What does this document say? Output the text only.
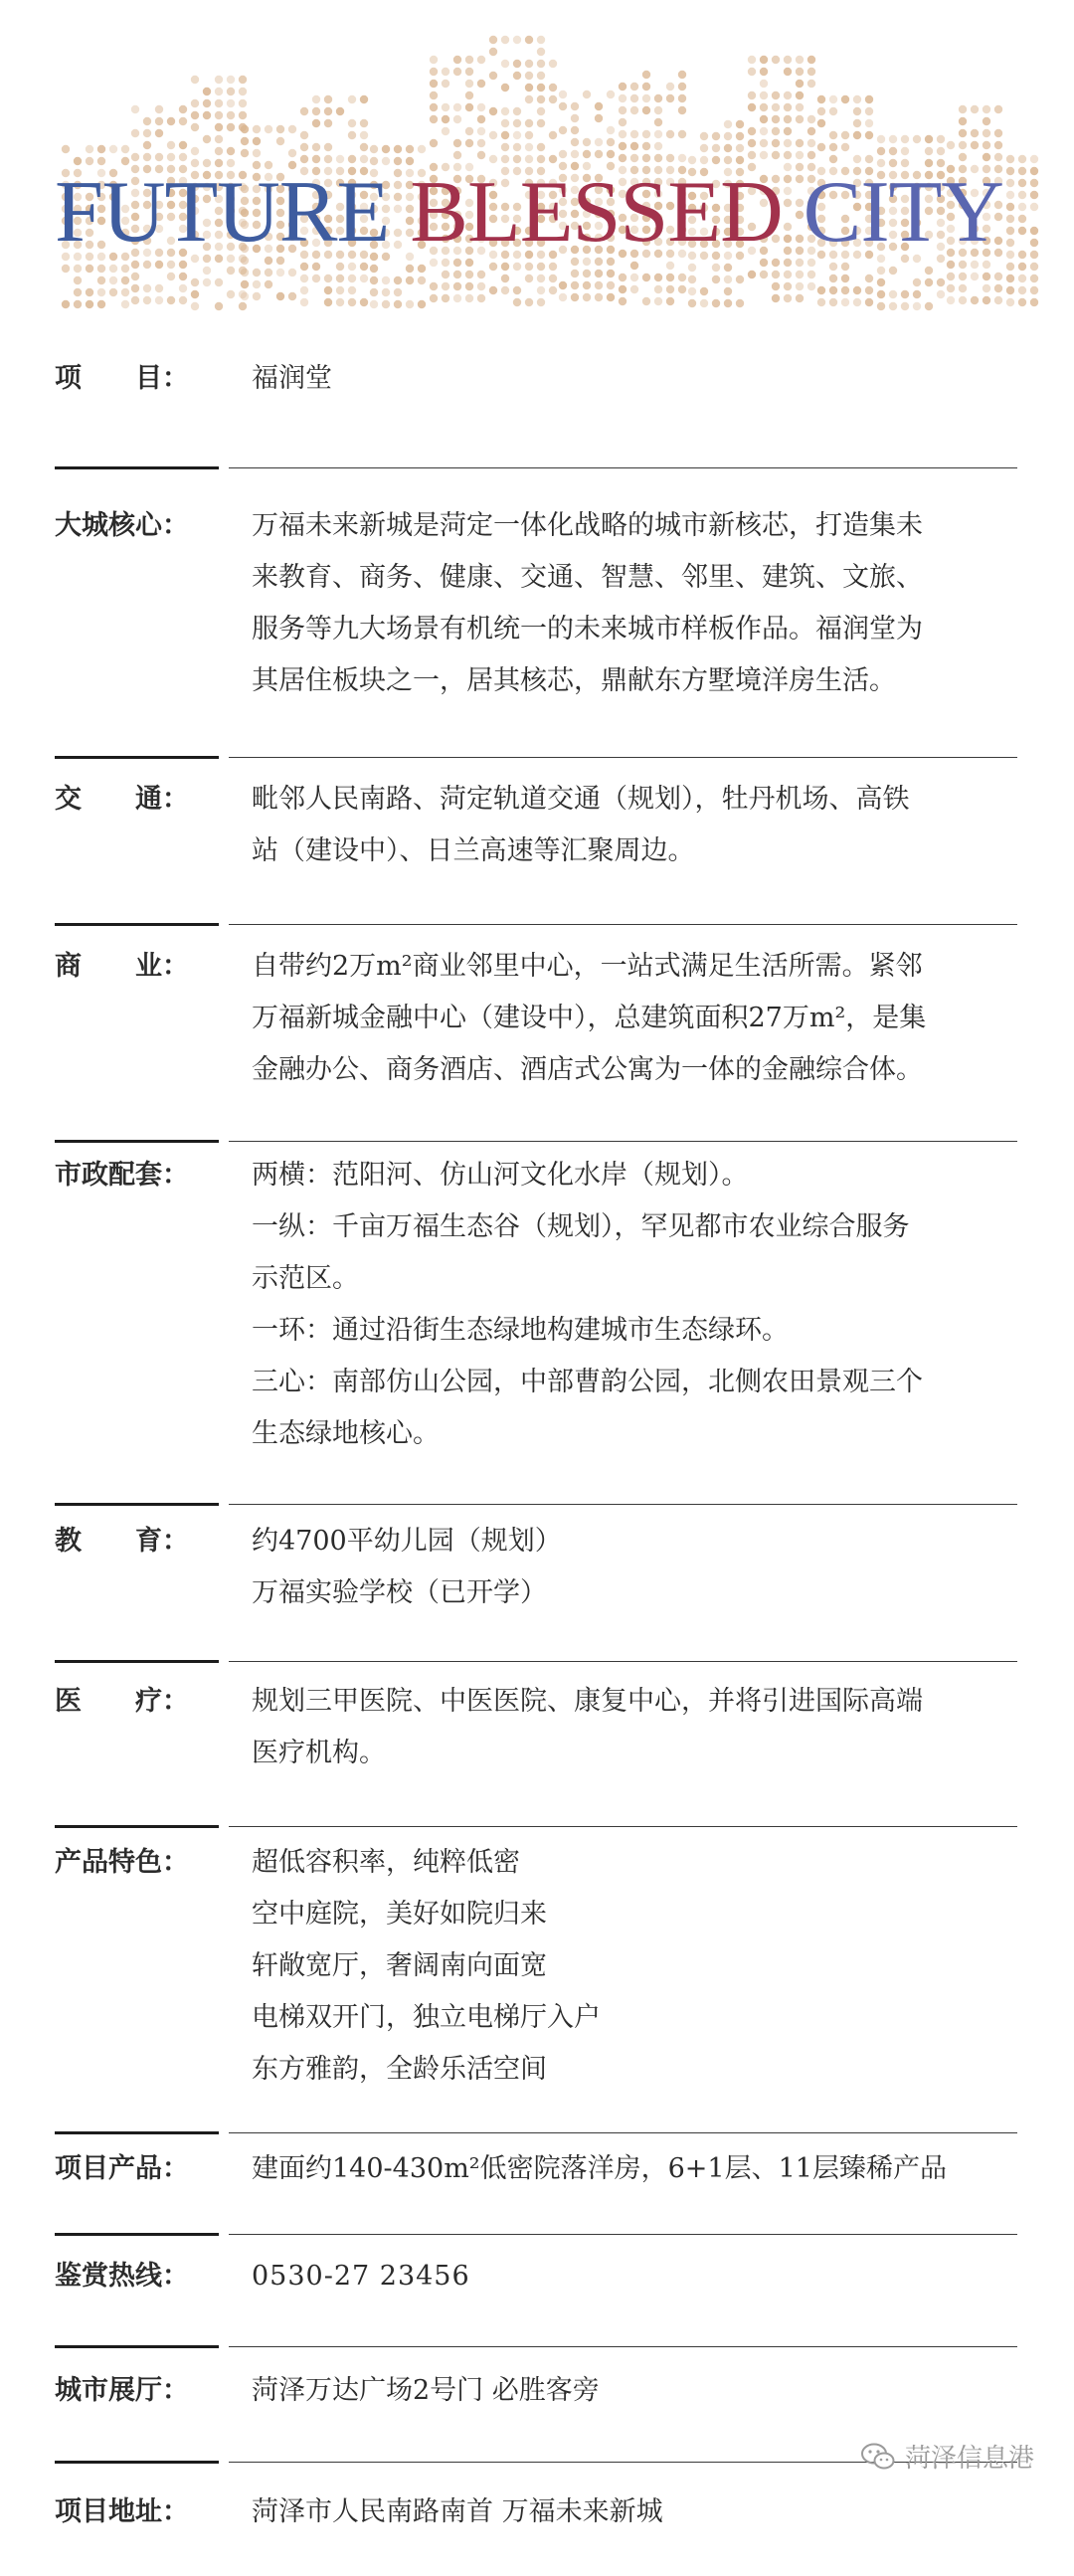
FUTURE BLESSED CITY
项　　目：	福润堂

大城核心：	万福未来新城是菏定一体化战略的城市新核芯，打造集未

来教育、商务、健康、交通、智慧、邻里、建筑、文旅、

服务等九大场景有机统一的未来城市样板作品。福润堂为

其居住板块之一，居其核芯，鼎献东方墅境洋房生活。

交　　通：	毗邻人民南路、菏定轨道交通（规划），牡丹机场、高铁

站（建设中）、日兰高速等汇聚周边。

商　　业：	自带约2万m²商业邻里中心，一站式满足生活所需。紧邻

万福新城金融中心（建设中），总建筑面积27万m²，是集

金融办公、商务酒店、酒店式公寓为一体的金融综合体。

市政配套：	两横：范阳河、仿山河文化水岸（规划）。

一纵：千亩万福生态谷（规划），罕见都市农业综合服务

示范区。

一环：通过沿街生态绿地构建城市生态绿环。

三心：南部仿山公园，中部曹韵公园，北侧农田景观三个

生态绿地核心。

教　　育：	约4700平幼儿园（规划）

万福实验学校（已开学）

医　　疗：	规划三甲医院、中医医院、康复中心，并将引进国际高端

医疗机构。

产品特色：	超低容积率，纯粹低密

空中庭院，美好如院归来

轩敞宽厅，奢阔南向面宽

电梯双开门，独立电梯厅入户

东方雅韵，全龄乐活空间

项目产品：	建面约140-430m²低密院落洋房，6+1层、11层臻稀产品

鉴赏热线：	0530-27 23456

城市展厅：	菏泽万达广场2号门 必胜客旁

项目地址：	菏泽市人民南路南首 万福未来新城

菏泽信息港
